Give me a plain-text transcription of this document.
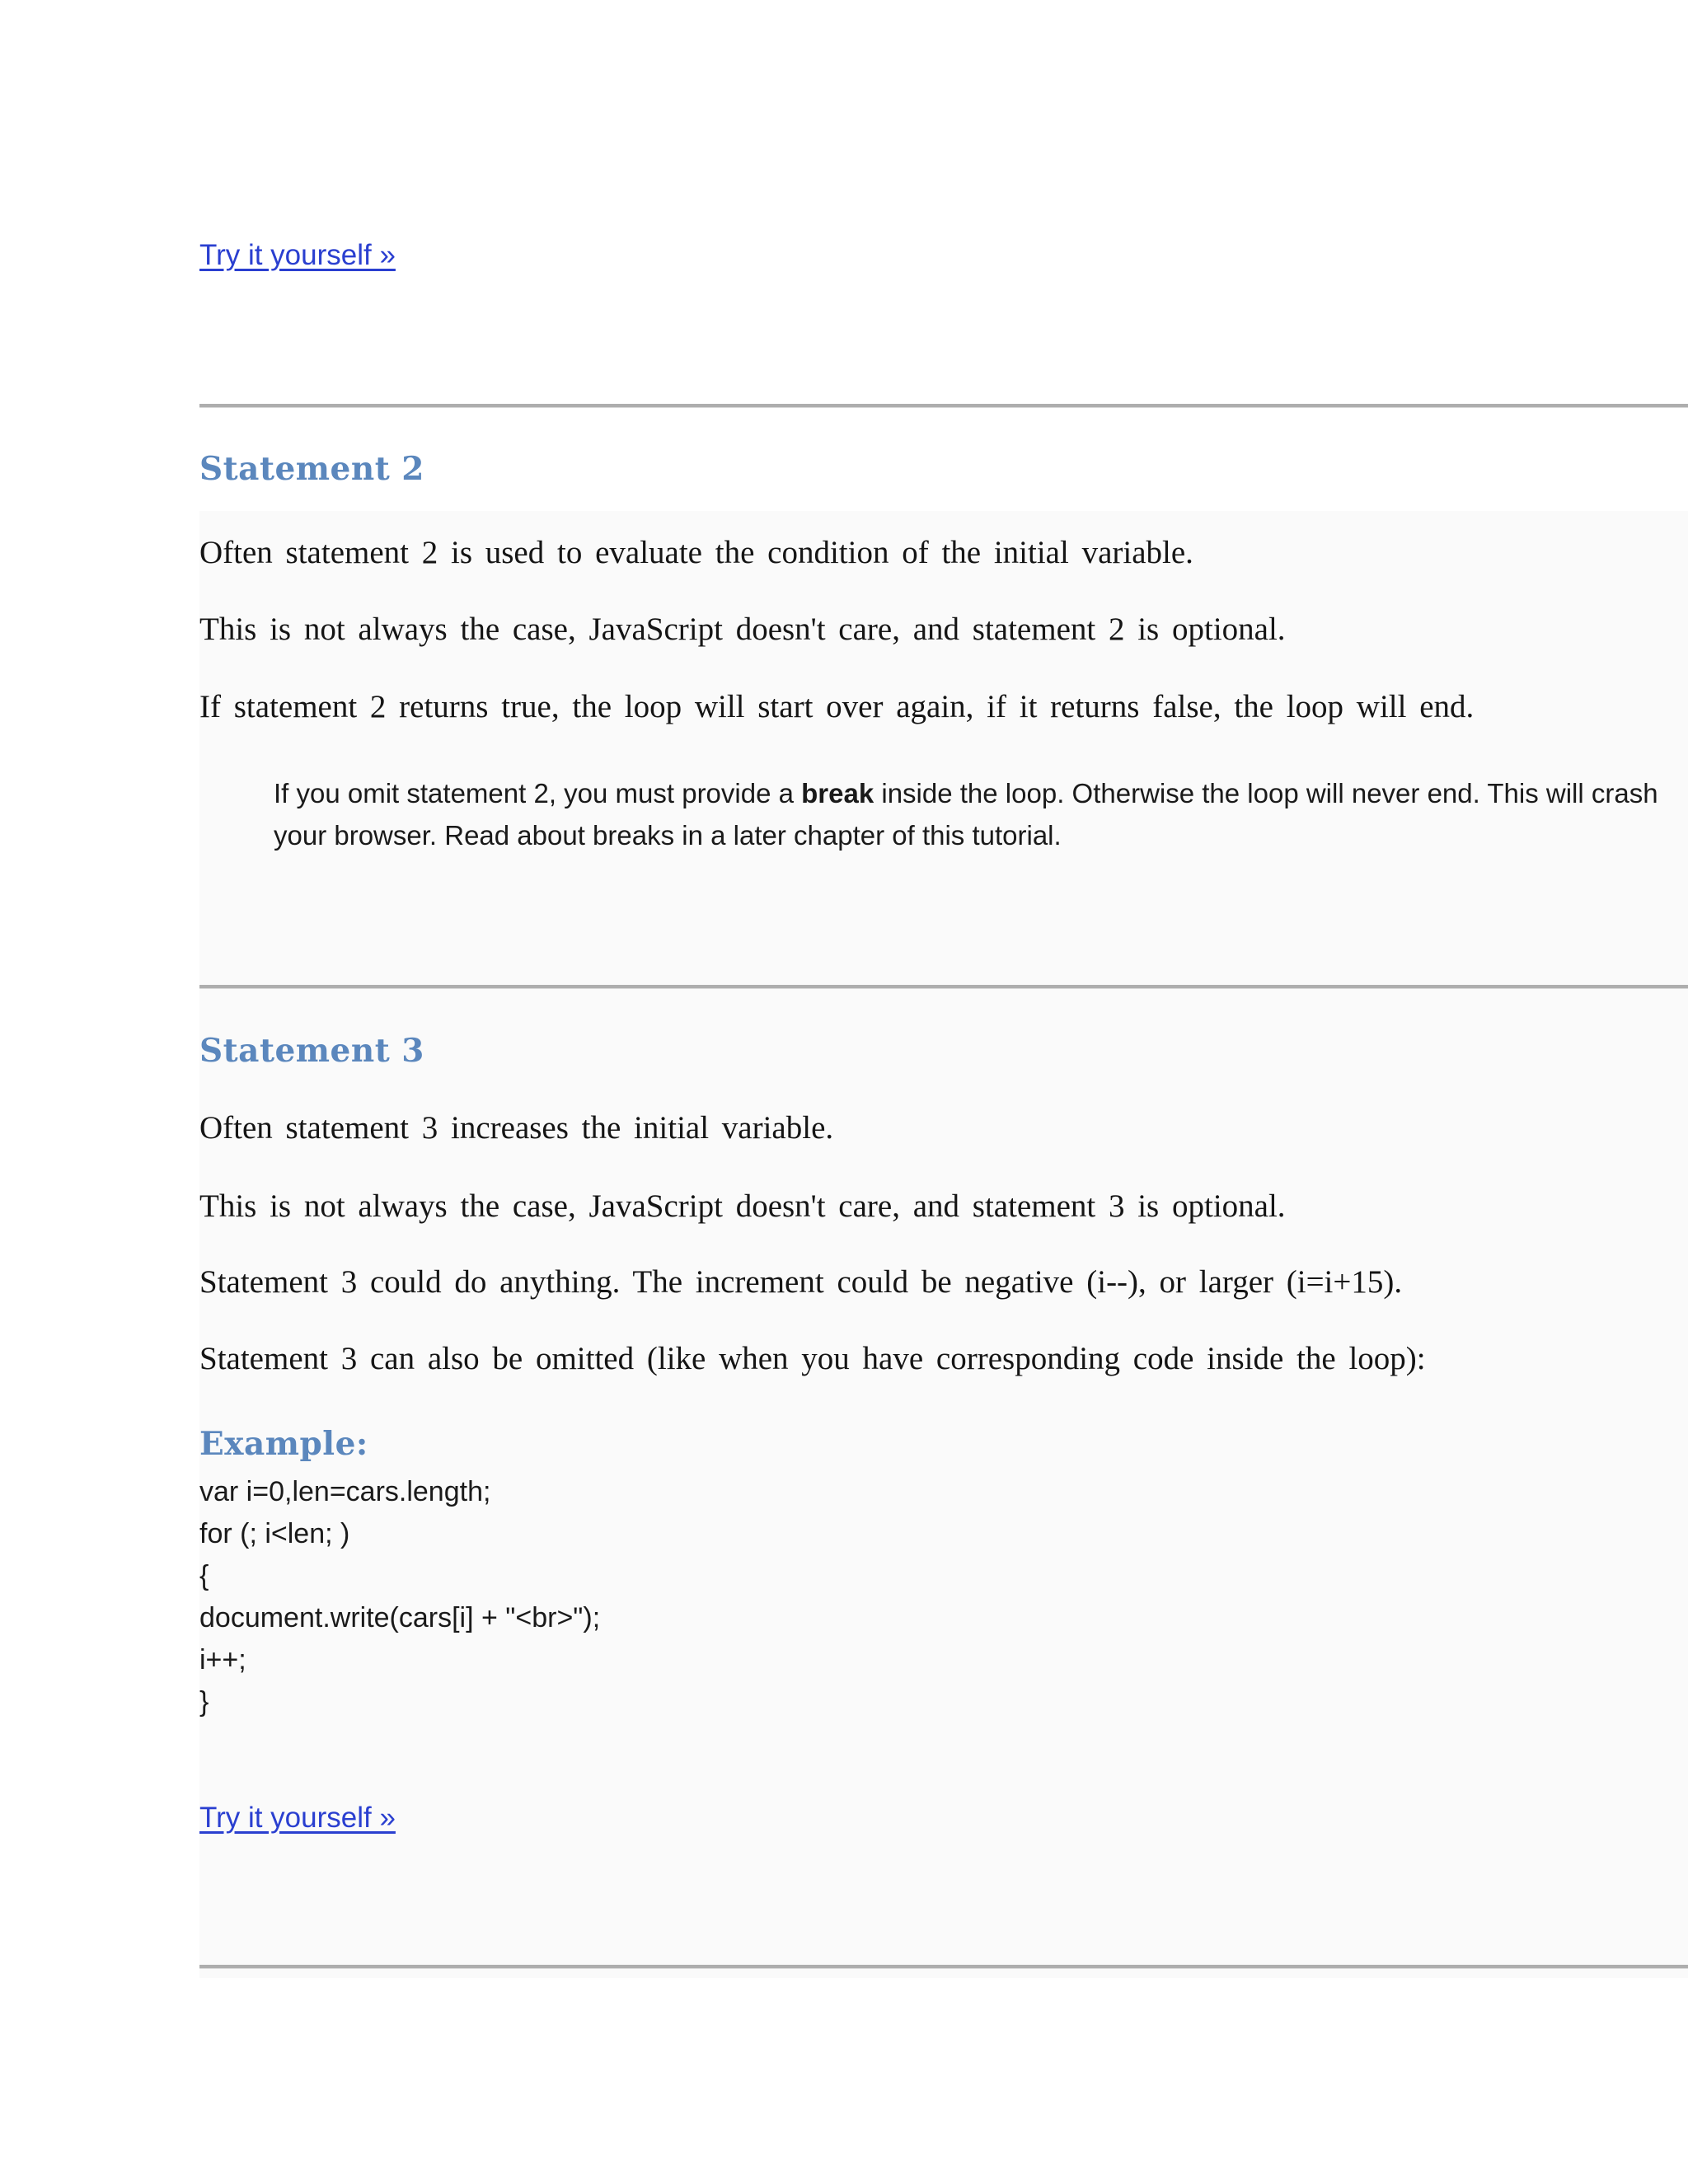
Try it yourself »
Statement 2
Often statement 2 is used to evaluate the condition of the initial variable.
This is not always the case, JavaScript doesn't care, and statement 2 is optional.
If statement 2 returns true, the loop will start over again, if it returns false, the loop will end.
If you omit statement 2, you must provide a break inside the loop. Otherwise the loop will never end. This will crash your browser. Read about breaks in a later chapter of this tutorial.
Statement 3
Often statement 3 increases the initial variable.
This is not always the case, JavaScript doesn't care, and statement 3 is optional.
Statement 3 could do anything. The increment could be negative (i--), or larger (i=i+15).
Statement 3 can also be omitted (like when you have corresponding code inside the loop):
Example:
var i=0,len=cars.length;
for (; i<len; )
{
document.write(cars[i] + "<br>");
i++;
}
Try it yourself »
